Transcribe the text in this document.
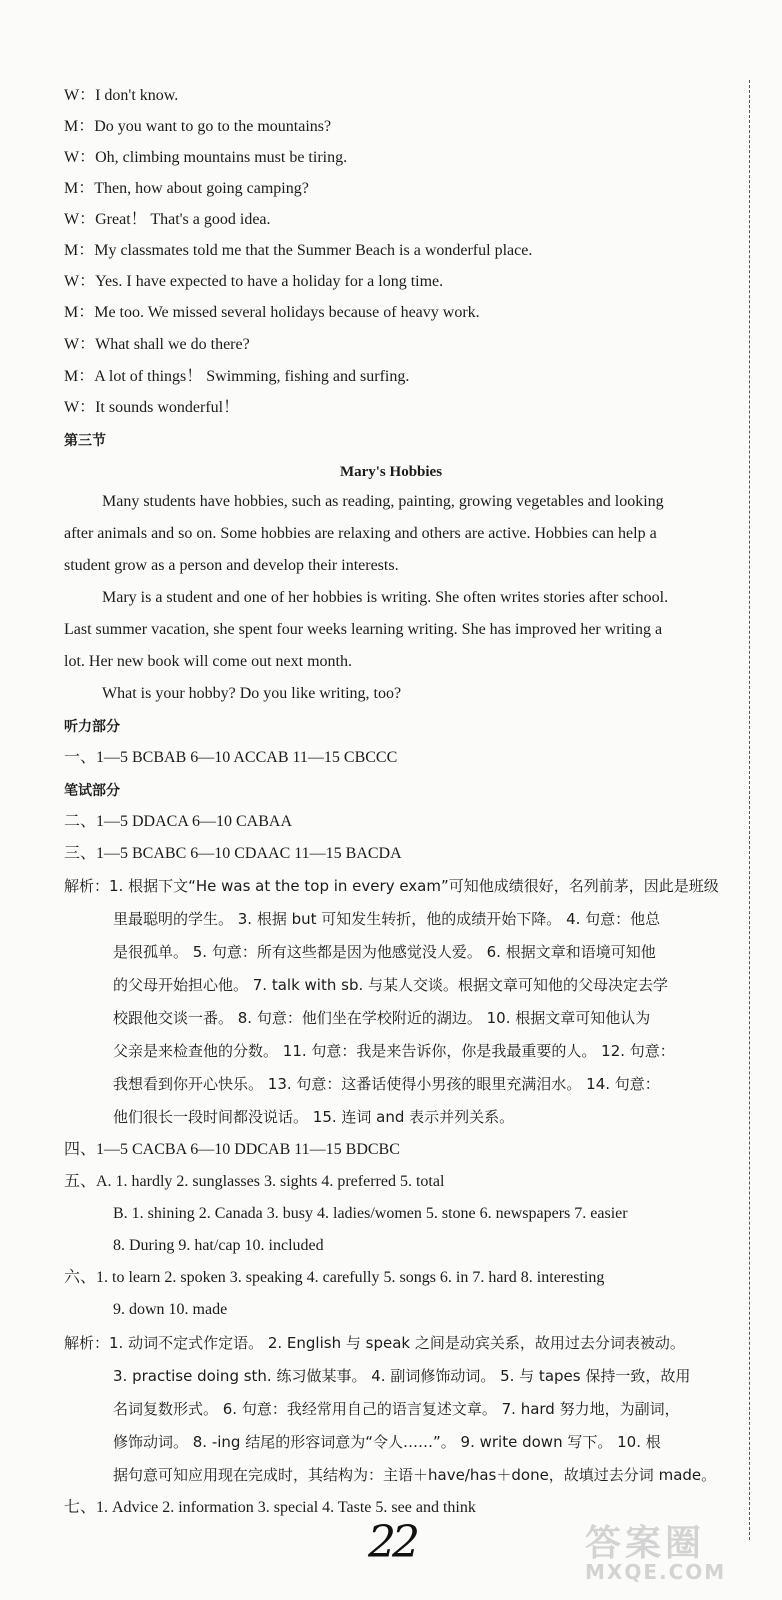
W：I don't know.
M：Do you want to go to the mountains?
W：Oh, climbing mountains must be tiring.
M：Then, how about going camping?
W：Great！ That's a good idea.
M：My classmates told me that the Summer Beach is a wonderful place.
W：Yes. I have expected to have a holiday for a long time.
M：Me too. We missed several holidays because of heavy work.
W：What shall we do there?
M：A lot of things！ Swimming, fishing and surfing.
W：It sounds wonderful！
第三节
Mary's Hobbies
Many students have hobbies, such as reading, painting, growing vegetables and looking
after animals and so on. Some hobbies are relaxing and others are active. Hobbies can help a
student grow as a person and develop their interests.
Mary is a student and one of her hobbies is writing. She often writes stories after school.
Last summer vacation, she spent four weeks learning writing. She has improved her writing a
lot. Her new book will come out next month.
What is your hobby? Do you like writing, too?
听力部分
一、1—5 BCBAB 6—10 ACCAB 11—15 CBCCC
笔试部分
二、1—5 DDACA 6—10 CABAA
三、1—5 BCABC 6—10 CDAAC 11—15 BACDA
解析：1. 根据下文“He was at the top in every exam”可知他成绩很好，名列前茅，因此是班级
里最聪明的学生。 3. 根据 but 可知发生转折，他的成绩开始下降。 4. 句意：他总
是很孤单。 5. 句意：所有这些都是因为他感觉没人爱。 6. 根据文章和语境可知他
的父母开始担心他。 7. talk with sb. 与某人交谈。根据文章可知他的父母决定去学
校跟他交谈一番。 8. 句意：他们坐在学校附近的湖边。 10. 根据文章可知他认为
父亲是来检查他的分数。 11. 句意：我是来告诉你，你是我最重要的人。 12. 句意：
我想看到你开心快乐。 13. 句意：这番话使得小男孩的眼里充满泪水。 14. 句意：
他们很长一段时间都没说话。 15. 连词 and 表示并列关系。
四、1—5 CACBA 6—10 DDCAB 11—15 BDCBC
五、A. 1. hardly 2. sunglasses 3. sights 4. preferred 5. total
B. 1. shining 2. Canada 3. busy 4. ladies/women 5. stone 6. newspapers 7. easier
8. During 9. hat/cap 10. included
六、1. to learn 2. spoken 3. speaking 4. carefully 5. songs 6. in 7. hard 8. interesting
9. down 10. made
解析：1. 动词不定式作定语。 2. English 与 speak 之间是动宾关系，故用过去分词表被动。
3. practise doing sth. 练习做某事。 4. 副词修饰动词。 5. 与 tapes 保持一致，故用
名词复数形式。 6. 句意：我经常用自己的语言复述文章。 7. hard 努力地，为副词，
修饰动词。 8. -ing 结尾的形容词意为“令人……”。 9. write down 写下。 10. 根
据句意可知应用现在完成时，其结构为：主语＋have/has＋done，故填过去分词 made。
七、1. Advice 2. information 3. special 4. Taste 5. see and think
22	答案圈
MXQE.COM
